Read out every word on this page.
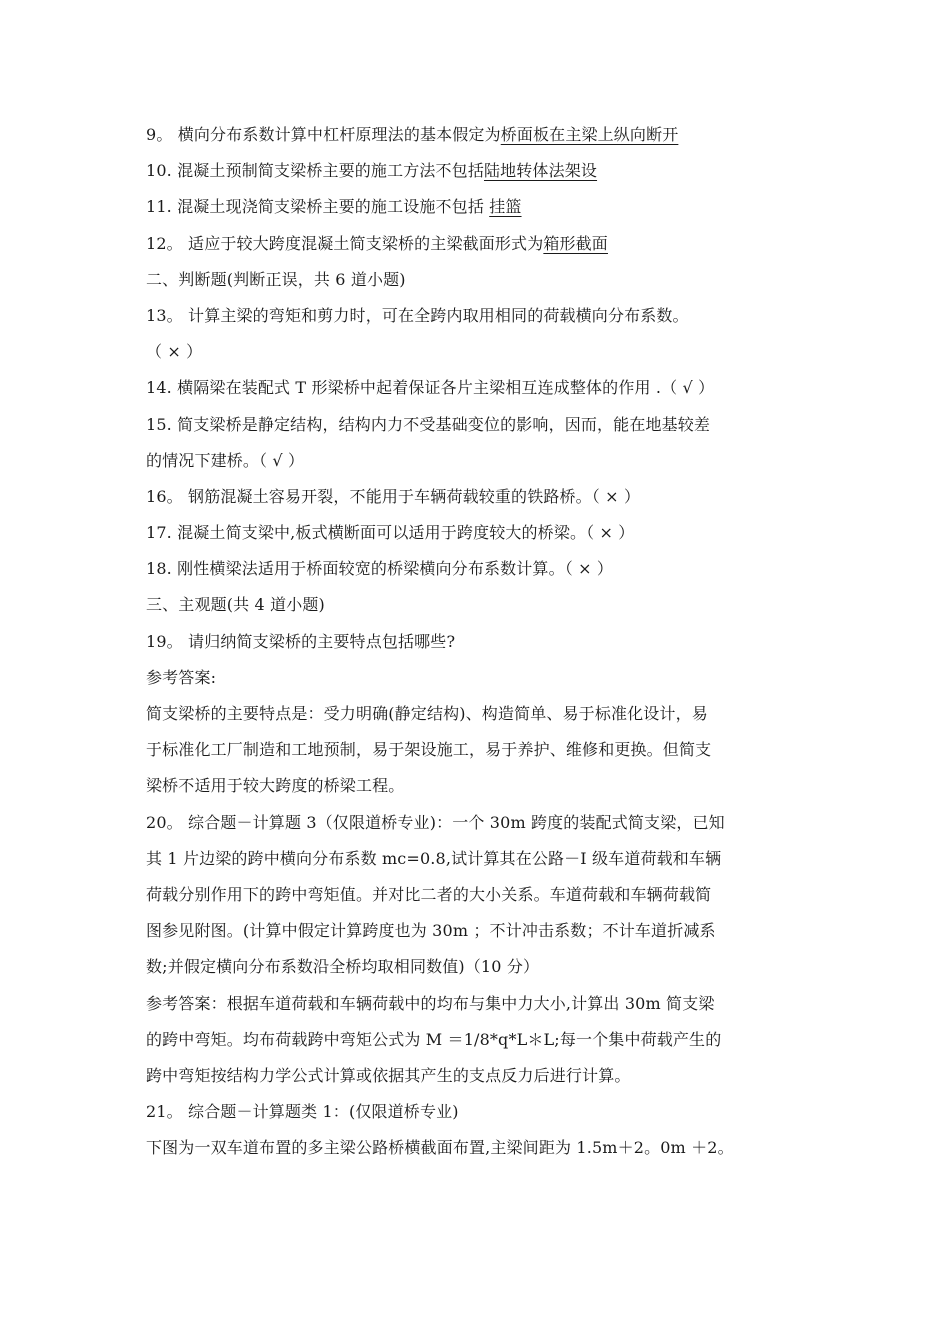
9。 横向分布系数计算中杠杆原理法的基本假定为桥面板在主梁上纵向断开
10. 混凝土预制简支梁桥主要的施工方法不包括陆地转体法架设
11. 混凝土现浇简支梁桥主要的施工设施不包括 挂篮
12。 适应于较大跨度混凝土简支梁桥的主梁截面形式为箱形截面
二、判断题(判断正误，共 6 道小题)
13。 计算主梁的弯矩和剪力时，可在全跨内取用相同的荷载横向分布系数。
（ × ）
14. 横隔梁在装配式 T 形梁桥中起着保证各片主梁相互连成整体的作用 .（ √ ）
15. 简支梁桥是静定结构，结构内力不受基础变位的影响，因而，能在地基较差
的情况下建桥。（ √ ）
16。 钢筋混凝土容易开裂，不能用于车辆荷载较重的铁路桥。（ × ）
17. 混凝土简支梁中,板式横断面可以适用于跨度较大的桥梁。（ × ）
18. 刚性横梁法适用于桥面较宽的桥梁横向分布系数计算。（ × ）
三、主观题(共 4 道小题)
19。 请归纳简支梁桥的主要特点包括哪些?
参考答案:
简支梁桥的主要特点是：受力明确(静定结构)、构造简单、易于标准化设计，易
于标准化工厂制造和工地预制，易于架设施工，易于养护、维修和更换。但简支
梁桥不适用于较大跨度的桥梁工程。
20。 综合题－计算题 3（仅限道桥专业)：一个 30m 跨度的装配式简支梁，已知
其 1 片边梁的跨中横向分布系数 mc=0.8,试计算其在公路－I 级车道荷载和车辆
荷载分别作用下的跨中弯矩值。并对比二者的大小关系。车道荷载和车辆荷载简
图参见附图。(计算中假定计算跨度也为 30m ；不计冲击系数；不计车道折减系
数;并假定横向分布系数沿全桥均取相同数值)（10 分）
参考答案：根据车道荷载和车辆荷载中的均布与集中力大小,计算出 30m 简支梁
的跨中弯矩。均布荷载跨中弯矩公式为 M ＝1/8*q*L＊L;每一个集中荷载产生的
跨中弯矩按结构力学公式计算或依据其产生的支点反力后进行计算。
21。 综合题－计算题类 1：(仅限道桥专业)
下图为一双车道布置的多主梁公路桥横截面布置,主梁间距为 1.5m＋2。0m ＋2。
